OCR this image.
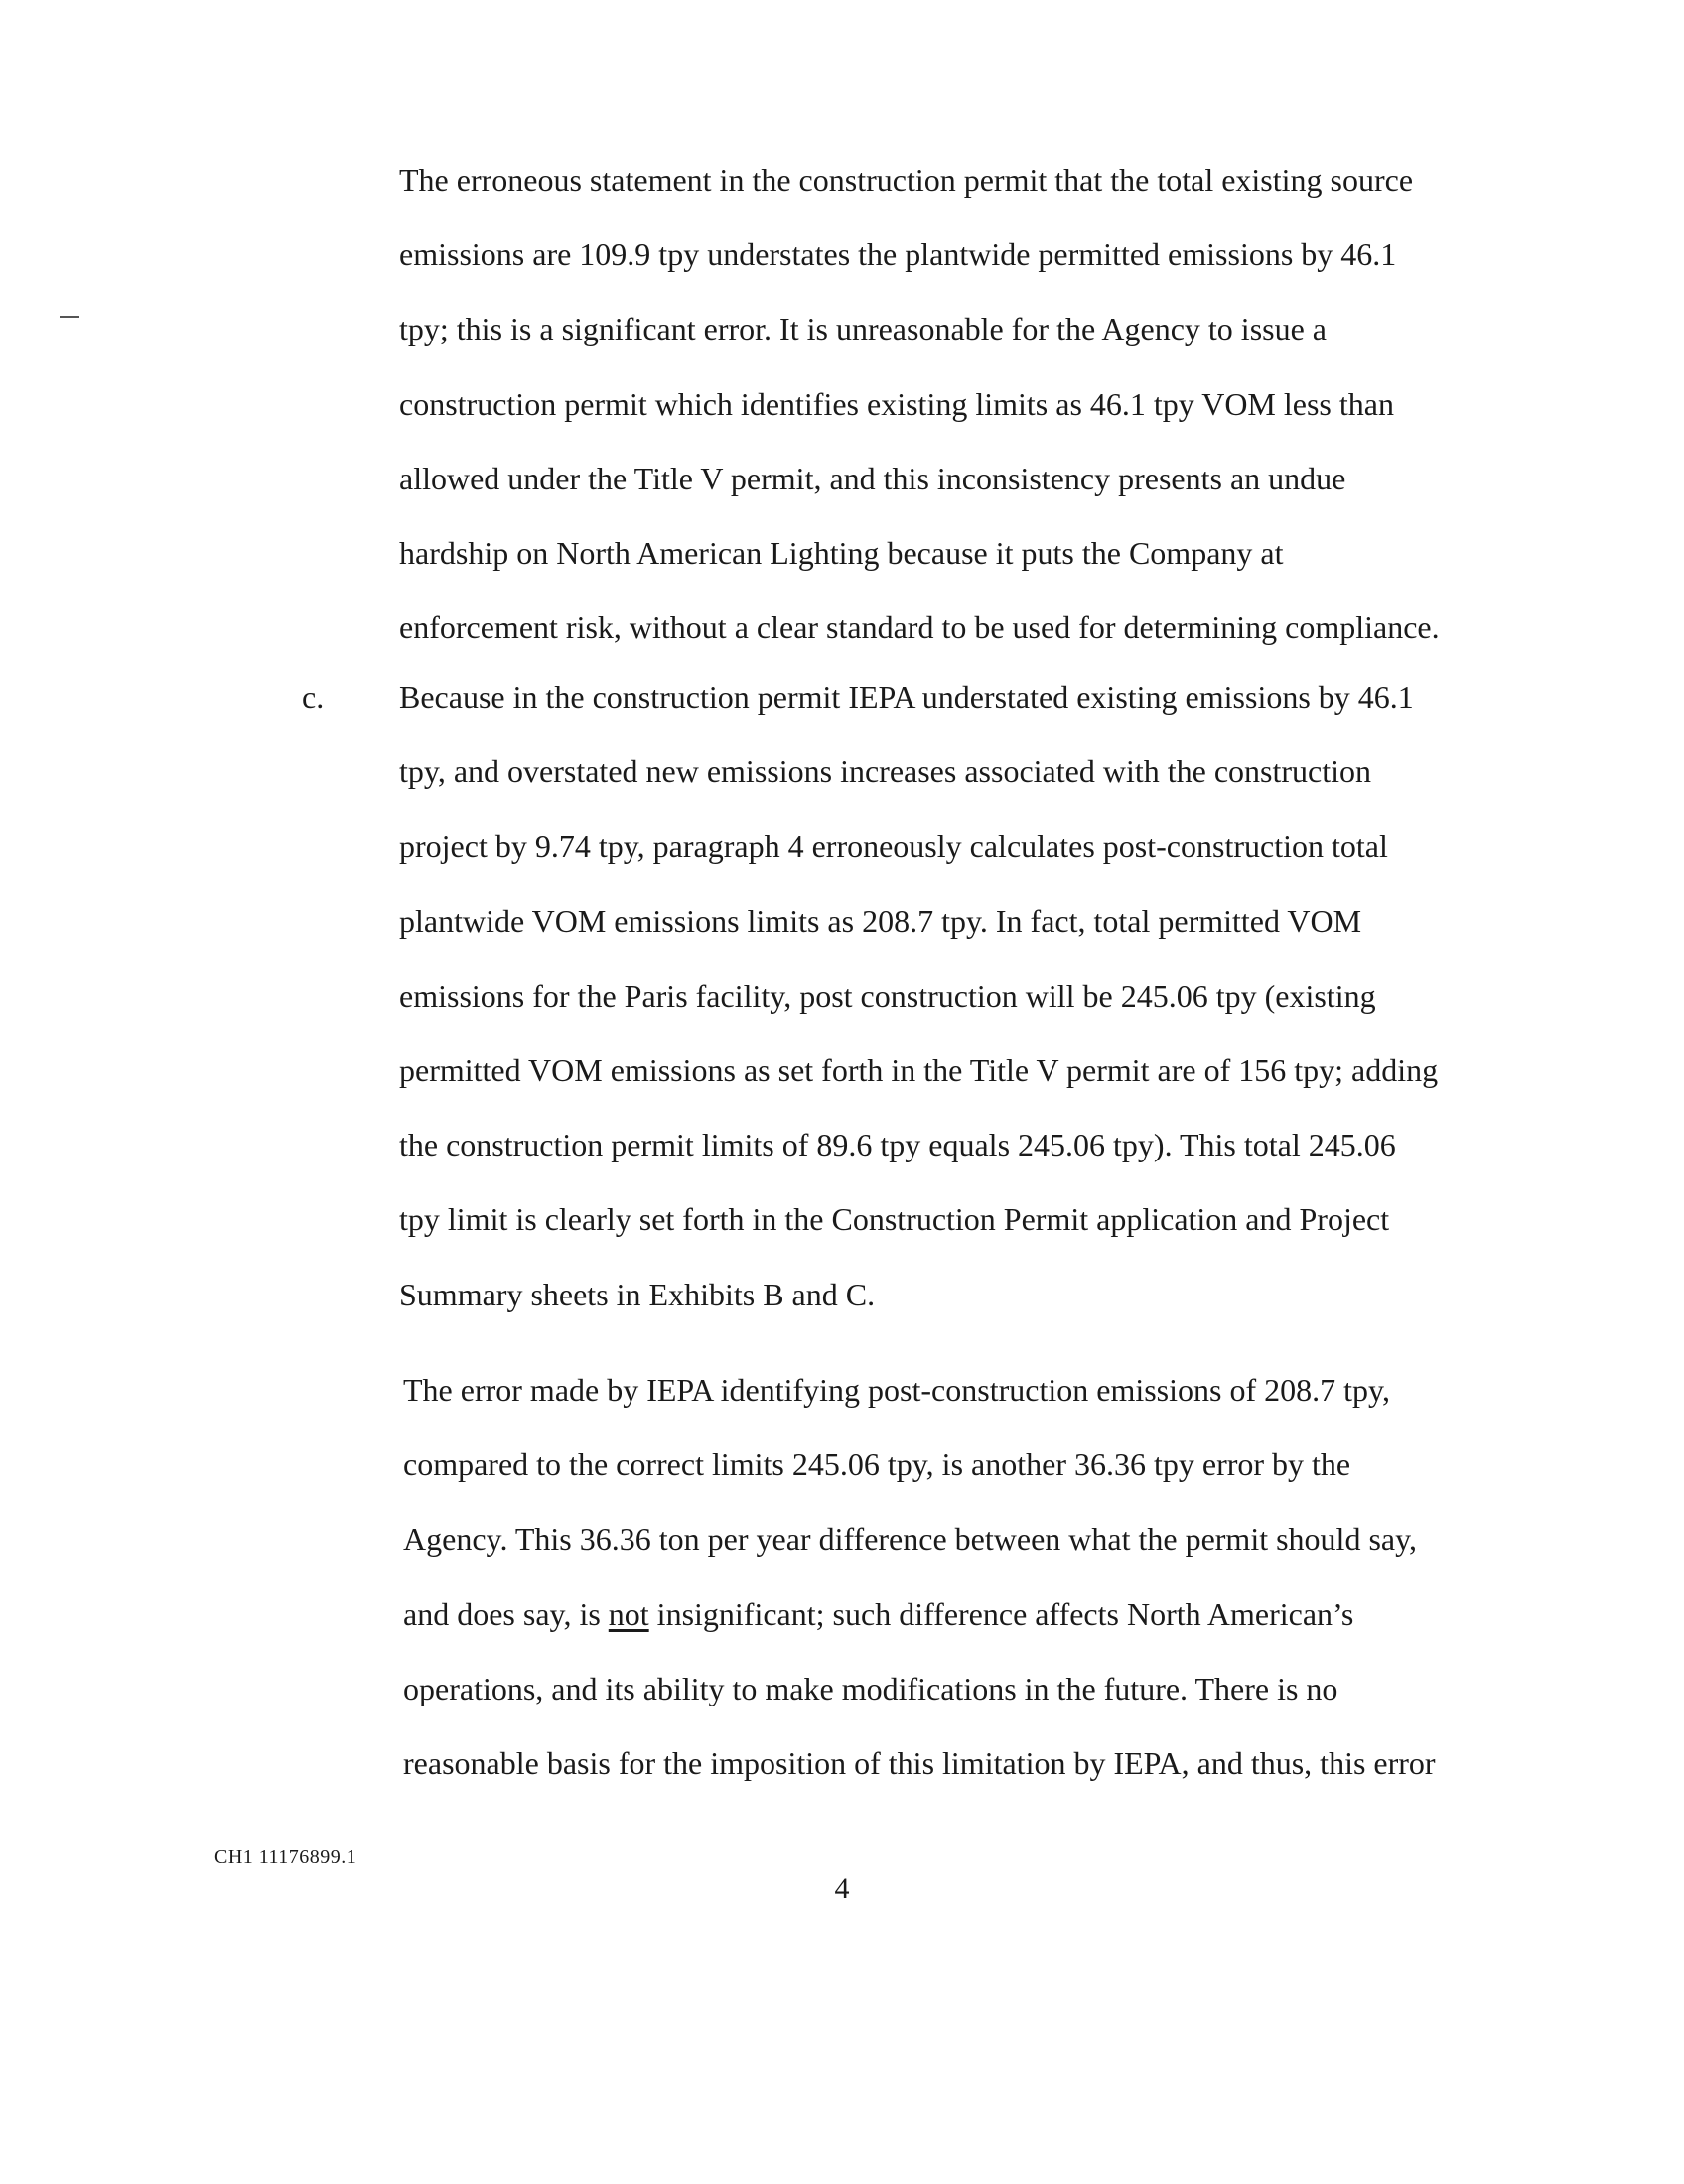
The erroneous statement in the construction permit that the total existing source
emissions are 109.9 tpy understates the plantwide permitted emissions by 46.1
tpy; this is a significant error. It is unreasonable for the Agency to issue a
construction permit which identifies existing limits as 46.1 tpy VOM less than
allowed under the Title V permit, and this inconsistency presents an undue
hardship on North American Lighting because it puts the Company at
enforcement risk, without a clear standard to be used for determining compliance.

c. Because in the construction permit IEPA understated existing emissions by 46.1
tpy, and overstated new emissions increases associated with the construction
project by 9.74 tpy, paragraph 4 erroneously calculates post-construction total
plantwide VOM emissions limits as 208.7 tpy. In fact, total permitted VOM
emissions for the Paris facility, post construction will be 245.06 tpy (existing
permitted VOM emissions as set forth in the Title V permit are of 156 tpy; adding
the construction permit limits of 89.6 tpy equals 245.06 tpy). This total 245.06
tpy limit is clearly set forth in the Construction Permit application and Project
Summary sheets in Exhibits B and C.

The error made by IEPA identifying post-construction emissions of 208.7 tpy,
compared to the correct limits 245.06 tpy, is another 36.36 tpy error by the
Agency. This 36.36 ton per year difference between what the permit should say,
and does say, is not insignificant; such difference affects North American’s
operations, and its ability to make modifications in the future. There is no
reasonable basis for the imposition of this limitation by IEPA, and thus, this error

CH1 11176899.1
4
